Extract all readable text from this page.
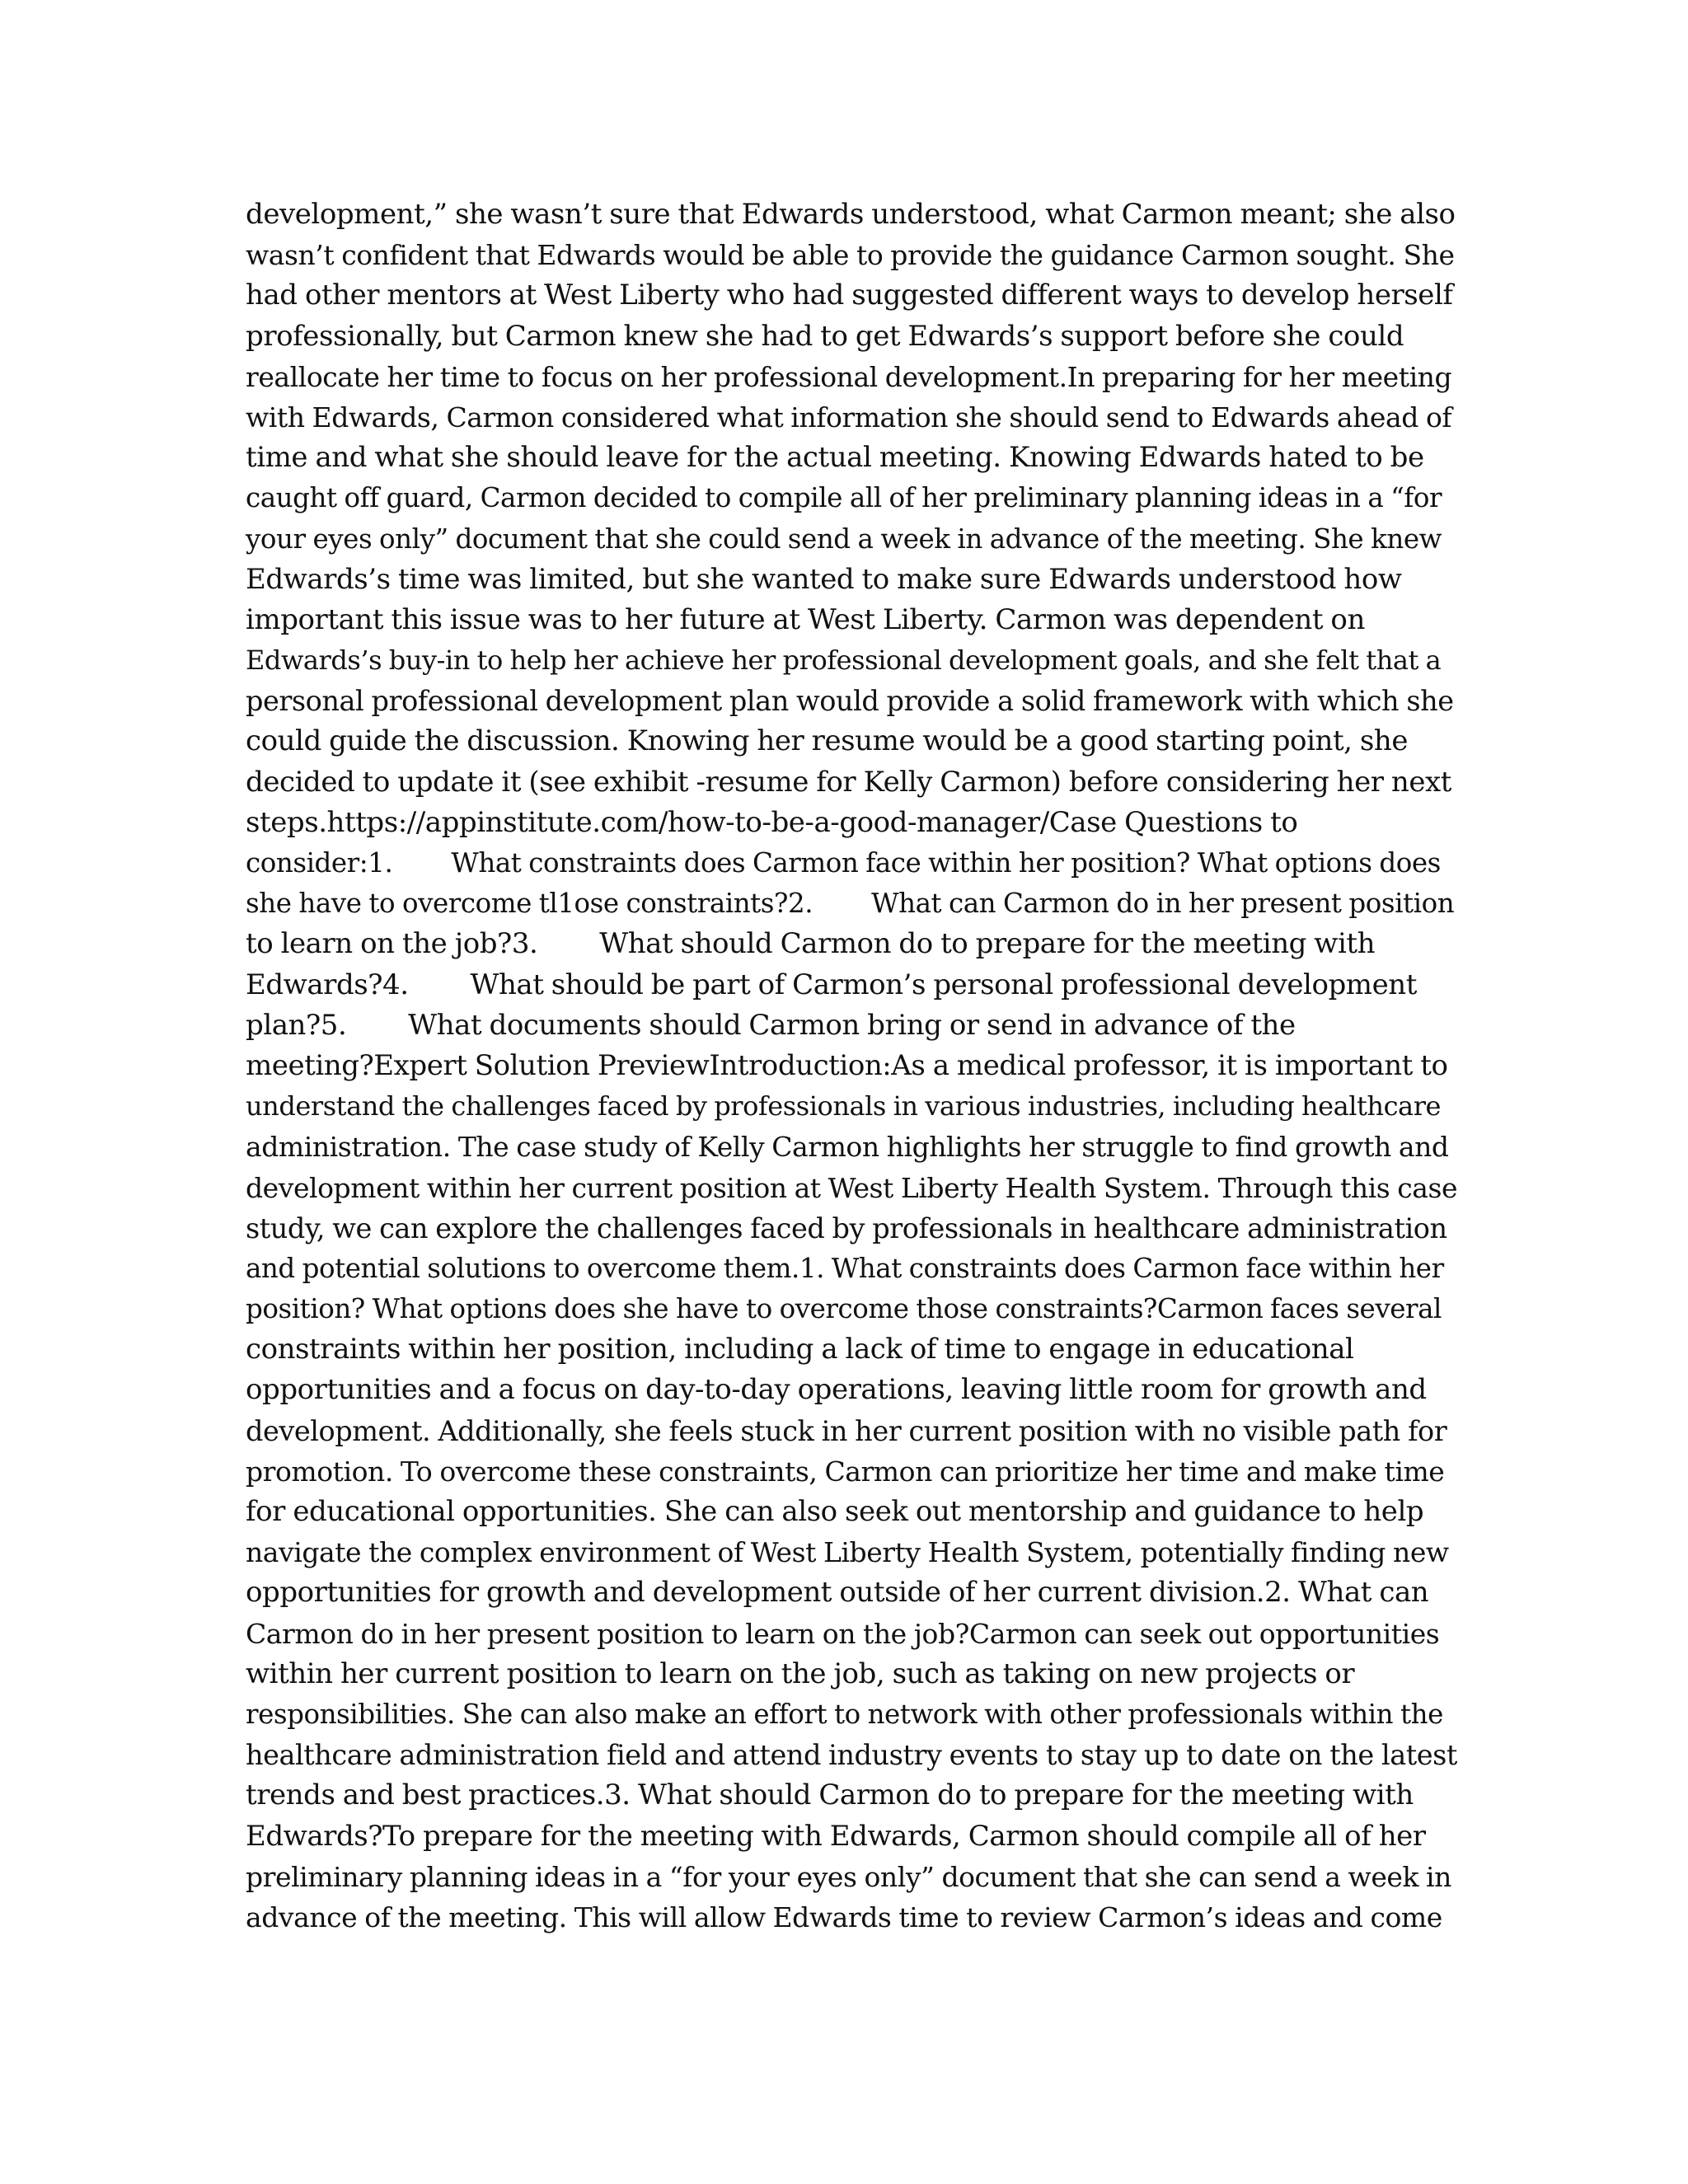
development,” she wasn’t sure that Edwards understood, what Carmon meant; she also
wasn’t confident that Edwards would be able to provide the guidance Carmon sought. She
had other mentors at West Liberty who had suggested different ways to develop herself
professionally, but Carmon knew she had to get Edwards’s support before she could
reallocate her time to focus on her professional development.In preparing for her meeting
with Edwards, Carmon considered what information she should send to Edwards ahead of
time and what she should leave for the actual meeting. Knowing Edwards hated to be
caught off guard, Carmon decided to compile all of her preliminary planning ideas in a “for
your eyes only” document that she could send a week in advance of the meeting. She knew
Edwards’s time was limited, but she wanted to make sure Edwards understood how
important this issue was to her future at West Liberty. Carmon was dependent on
Edwards’s buy-in to help her achieve her professional development goals, and she felt that a
personal professional development plan would provide a solid framework with which she
could guide the discussion. Knowing her resume would be a good starting point, she
decided to update it (see exhibit -resume for Kelly Carmon) before considering her next
steps.https://appinstitute.com/how-to-be-a-good-manager/Case Questions to
consider:1.        What constraints does Carmon face within her position? What options does
she have to overcome tl1ose constraints?2.        What can Carmon do in her present position
to learn on the job?3.        What should Carmon do to prepare for the meeting with
Edwards?4.        What should be part of Carmon’s personal professional development
plan?5.        What documents should Carmon bring or send in advance of the
meeting?Expert Solution PreviewIntroduction:As a medical professor, it is important to
understand the challenges faced by professionals in various industries, including healthcare
administration. The case study of Kelly Carmon highlights her struggle to find growth and
development within her current position at West Liberty Health System. Through this case
study, we can explore the challenges faced by professionals in healthcare administration
and potential solutions to overcome them.1. What constraints does Carmon face within her
position? What options does she have to overcome those constraints?Carmon faces several
constraints within her position, including a lack of time to engage in educational
opportunities and a focus on day-to-day operations, leaving little room for growth and
development. Additionally, she feels stuck in her current position with no visible path for
promotion. To overcome these constraints, Carmon can prioritize her time and make time
for educational opportunities. She can also seek out mentorship and guidance to help
navigate the complex environment of West Liberty Health System, potentially finding new
opportunities for growth and development outside of her current division.2. What can
Carmon do in her present position to learn on the job?Carmon can seek out opportunities
within her current position to learn on the job, such as taking on new projects or
responsibilities. She can also make an effort to network with other professionals within the
healthcare administration field and attend industry events to stay up to date on the latest
trends and best practices.3. What should Carmon do to prepare for the meeting with
Edwards?To prepare for the meeting with Edwards, Carmon should compile all of her
preliminary planning ideas in a “for your eyes only” document that she can send a week in
advance of the meeting. This will allow Edwards time to review Carmon’s ideas and come
